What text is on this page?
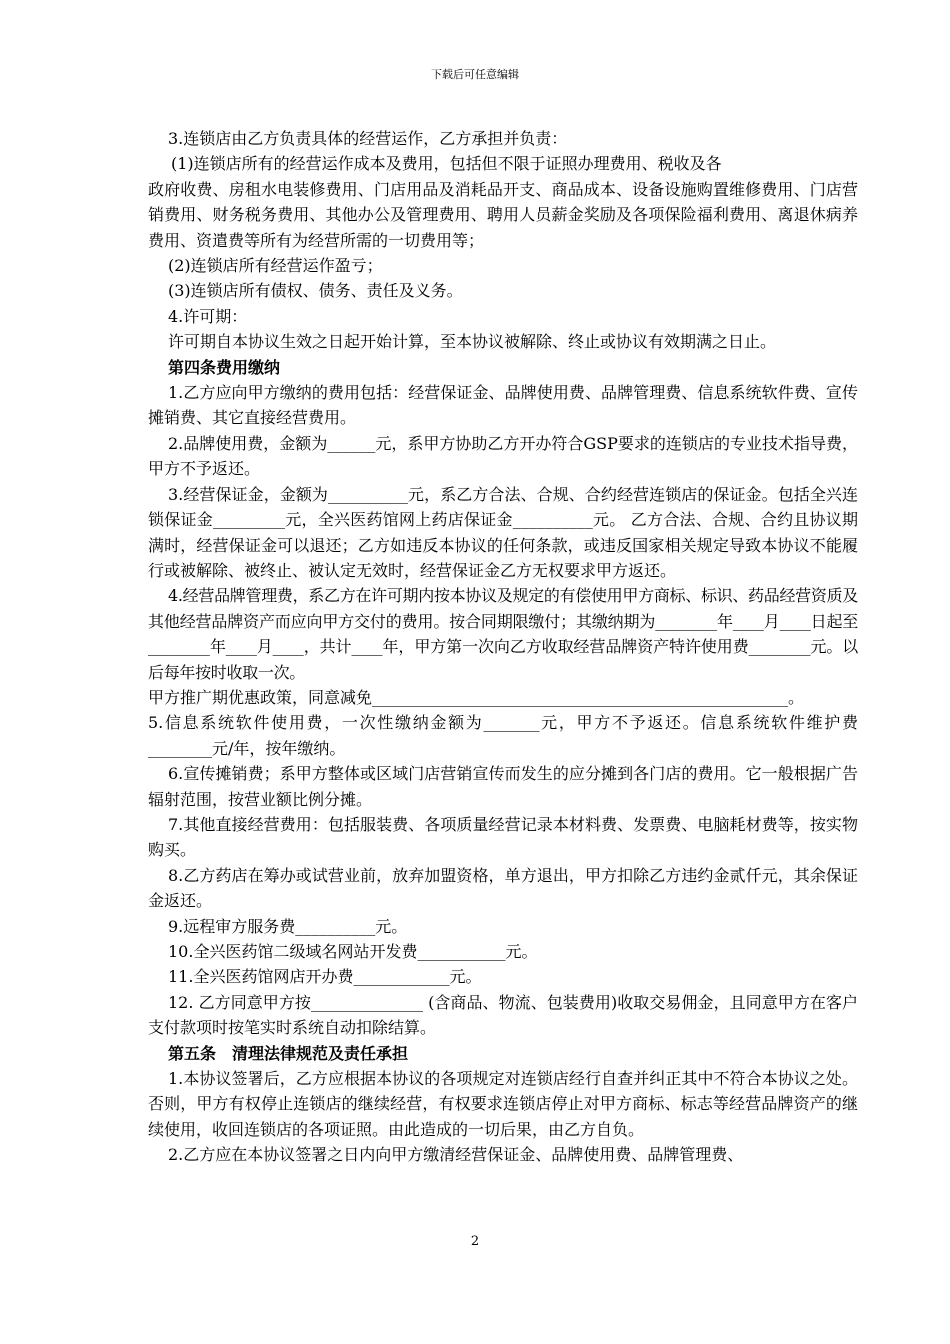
下载后可任意编辑

3.连锁店由乙方负责具体的经营运作，乙方承担并负责：

(1)连锁店所有的经营运作成本及费用，包括但不限于证照办理费用、税收及各

政府收费、房租水电装修费用、门店用品及消耗品开支、商品成本、设备设施购置维修费用、门店营销费用、财务税务费用、其他办公及管理费用、聘用人员薪金奖励及各项保险福利费用、离退休病养费用、资遣费等所有为经营所需的一切费用等；

(2)连锁店所有经营运作盈亏；

(3)连锁店所有债权、债务、责任及义务。

4.许可期：

许可期自本协议生效之日起开始计算，至本协议被解除、终止或协议有效期满之日止。

第四条费用缴纳

1.乙方应向甲方缴纳的费用包括：经营保证金、品牌使用费、品牌管理费、信息系统软件费、宣传摊销费、其它直接经营费用。

2.品牌使用费，金额为______元，系甲方协助乙方开办符合GSP要求的连锁店的专业技术指导费，甲方不予返还。

3.经营保证金，金额为__________元，系乙方合法、合规、合约经营连锁店的保证金。包括全兴连锁保证金_________元，全兴医药馆网上药店保证金__________元。 乙方合法、合规、合约且协议期满时，经营保证金可以退还；乙方如违反本协议的任何条款，或违反国家相关规定导致本协议不能履行或被解除、被终止、被认定无效时，经营保证金乙方无权要求甲方返还。

4.经营品牌管理费，系乙方在许可期内按本协议及规定的有偿使用甲方商标、标识、药品经营资质及其他经营品牌资产而应向甲方交付的费用。按合同期限缴付；其缴纳期为________年____月____日起至________年____月____，共计____年，甲方第一次向乙方收取经营品牌资产特许使用费________元。以后每年按时收取一次。

甲方推广期优惠政策，同意减免____________________________________________________。

5.信息系统软件使用费，一次性缴纳金额为_______元，甲方不予返还。信息系统软件维护费________元/年，按年缴纳。

6.宣传摊销费；系甲方整体或区域门店营销宣传而发生的应分摊到各门店的费用。它一般根据广告辐射范围，按营业额比例分摊。

7.其他直接经营费用：包括服装费、各项质量经营记录本材料费、发票费、电脑耗材费等，按实物购买。

8.乙方药店在筹办或试营业前，放弃加盟资格，单方退出，甲方扣除乙方违约金贰仟元，其余保证金返还。

9.远程审方服务费__________元。

10.全兴医药馆二级域名网站开发费___________元。

11.全兴医药馆网店开办费____________元。

12. 乙方同意甲方按______________ (含商品、物流、包装费用)收取交易佣金，且同意甲方在客户支付款项时按笔实时系统自动扣除结算。

第五条　清理法律规范及责任承担

1.本协议签署后，乙方应根据本协议的各项规定对连锁店经行自查并纠正其中不符合本协议之处。否则，甲方有权停止连锁店的继续经营，有权要求连锁店停止对甲方商标、标志等经营品牌资产的继续使用，收回连锁店的各项证照。由此造成的一切后果，由乙方自负。

2.乙方应在本协议签署之日内向甲方缴清经营保证金、品牌使用费、品牌管理费、

2
